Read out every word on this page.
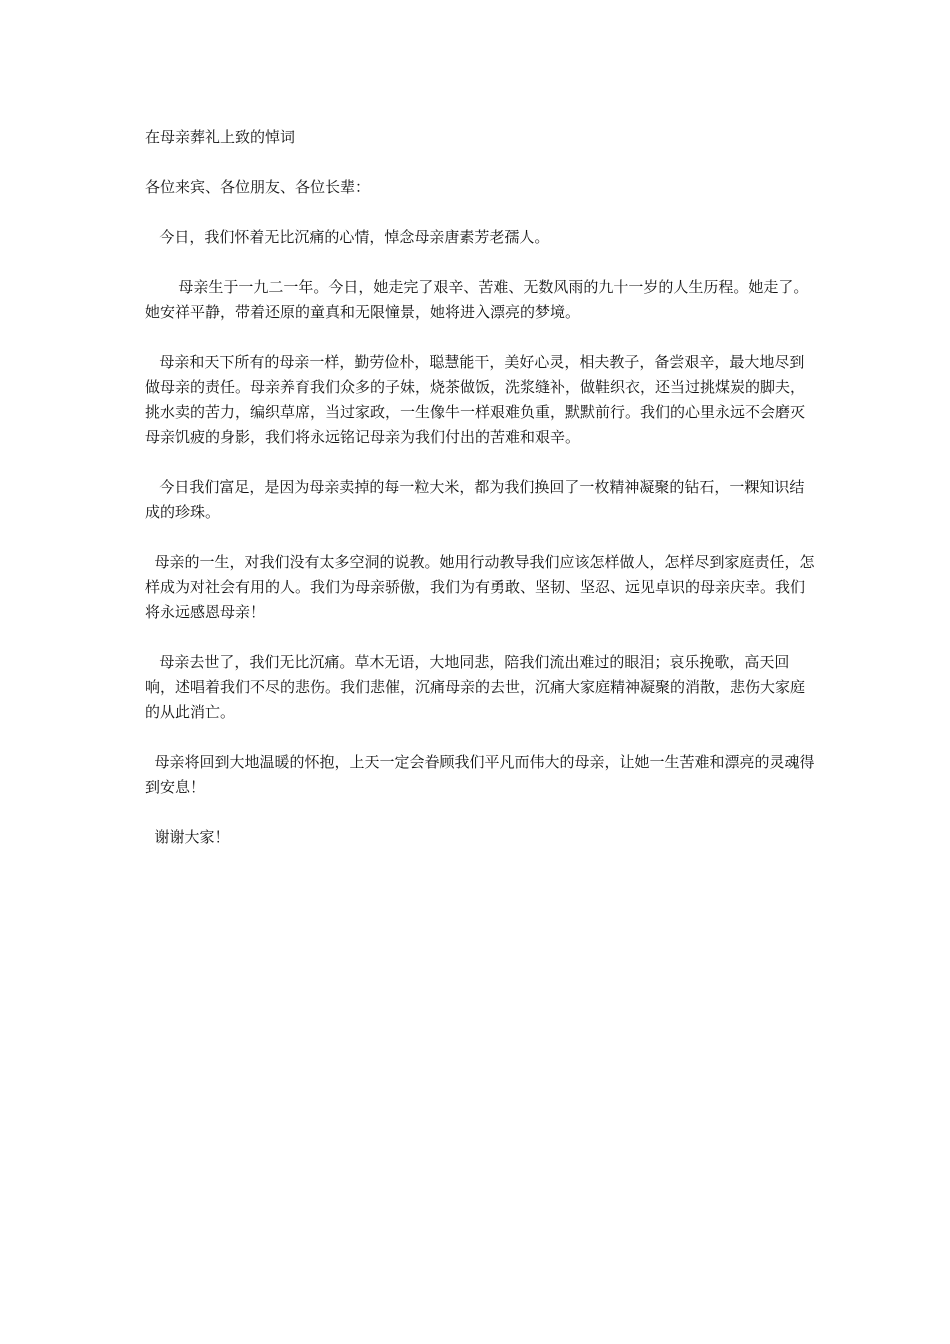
在母亲葬礼上致的悼词

各位来宾、各位朋友、各位长辈：

今日，我们怀着无比沉痛的心情，悼念母亲唐素芳老孺人。

母亲生于一九二一年。今日，她走完了艰辛、苦难、无数风雨的九十一岁的人生历程。她走了。她安祥平静，带着还原的童真和无限憧景，她将进入漂亮的梦境。

母亲和天下所有的母亲一样，勤劳俭朴，聪慧能干，美好心灵，相夫教子，备尝艰辛，最大地尽到做母亲的责任。母亲养育我们众多的子妹，烧茶做饭，洗浆缝补，做鞋织衣，还当过挑煤炭的脚夫，挑水卖的苦力，编织草席，当过家政，一生像牛一样艰难负重，默默前行。我们的心里永远不会磨灭母亲饥疲的身影，我们将永远铭记母亲为我们付出的苦难和艰辛。

今日我们富足，是因为母亲卖掉的每一粒大米，都为我们换回了一枚精神凝聚的钻石，一粿知识结成的珍珠。

母亲的一生，对我们没有太多空洞的说教。她用行动教导我们应该怎样做人，怎样尽到家庭责任，怎样成为对社会有用的人。我们为母亲骄傲，我们为有勇敢、坚韧、坚忍、远见卓识的母亲庆幸。我们将永远感恩母亲！

母亲去世了，我们无比沉痛。草木无语，大地同悲，陪我们流出难过的眼泪；哀乐挽歌，高天回响，述唱着我们不尽的悲伤。我们悲催，沉痛母亲的去世，沉痛大家庭精神凝聚的消散，悲伤大家庭的从此消亡。

母亲将回到大地温暖的怀抱，上天一定会眷顾我们平凡而伟大的母亲，让她一生苦难和漂亮的灵魂得到安息！

谢谢大家！
